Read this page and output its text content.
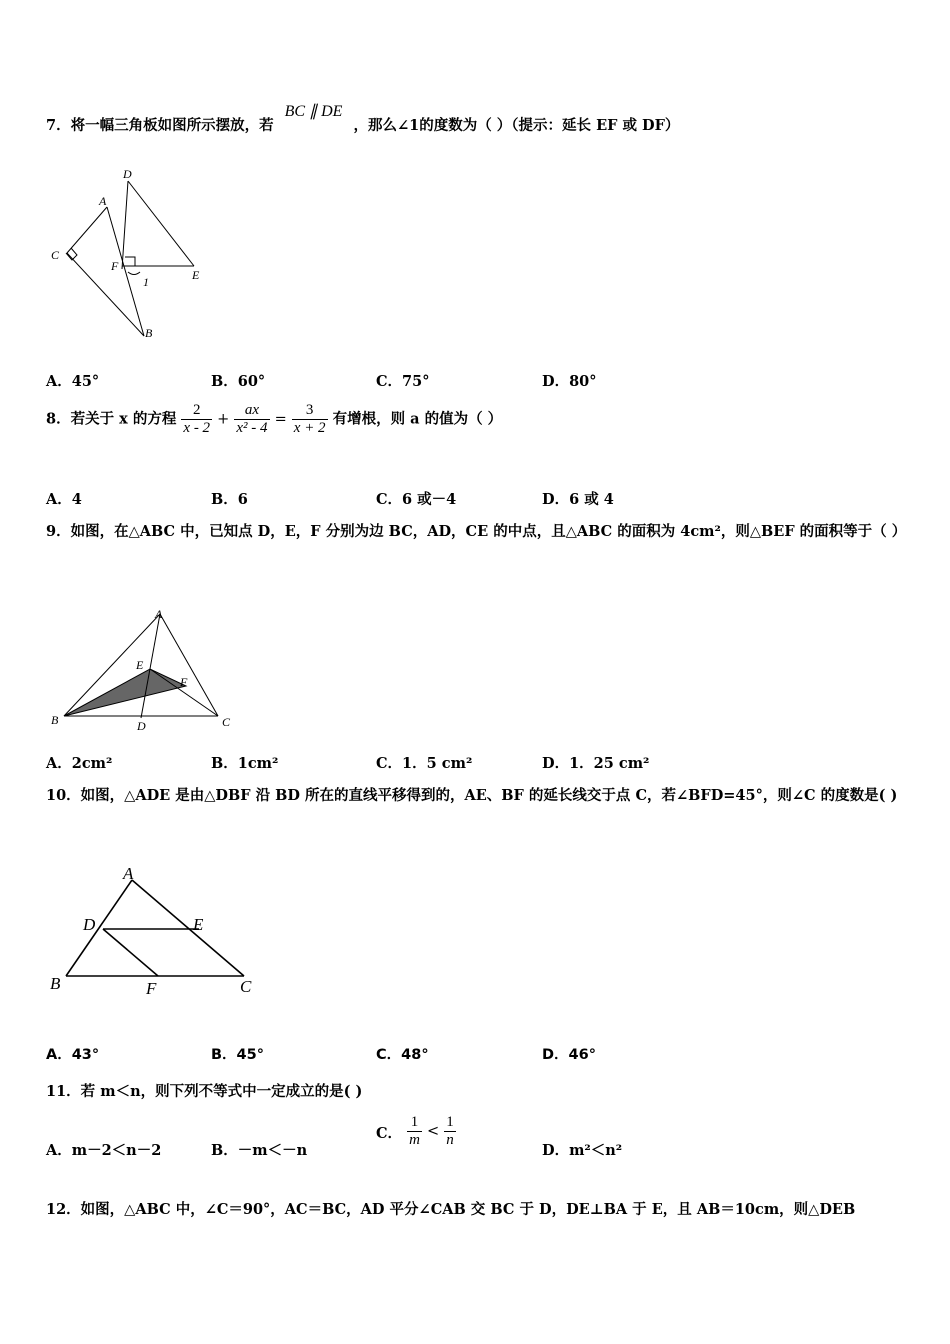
7．将一幅三角板如图所示摆放，若 BC ∥ DE ，那么∠1的度数为（ ）（提示：延长 EF 或 DF）
D
A
C
F
E
1
B
A．45°	B．60°	C．75°	D．80°
8．若关于 x 的方程 $\frac{2}{x - 2} + \frac{ax}{\text{x² - 4}} = \frac{3}{x + 2}$ 有增根，则 a 的值为（ ）
A．4	B．6	C．6 或－4	D．6 或 4
9．如图，在△ABC 中，已知点 D，E，F 分别为边 BC，AD，CE 的中点，且△ABC 的面积为 4cm²，则△BEF 的面积等于（ ）
A
E
F
B	D	C
A．2cm²	B．1cm²	C．1．5 cm²	D．1．25 cm²
10．如图，△ADE 是由△DBF 沿 BD 所在的直线平移得到的，AE、BF 的延长线交于点 C，若∠BFD=45°，则∠C 的度数是( )
A
D	E
B	F	C
A．43°	B．45°	C．48°	D．46°
11．若 m＜n，则下列不等式中一定成立的是( )
A．m－2＜n－2	B．－m＜－n
C． $\frac{1}{m} < \frac{1}{n}$
D．m²＜n²
12．如图，△ABC 中，∠C＝90°，AC＝BC，AD 平分∠CAB 交 BC 于 D，DE⊥BA 于 E，且 AB＝10cm，则△DEB
